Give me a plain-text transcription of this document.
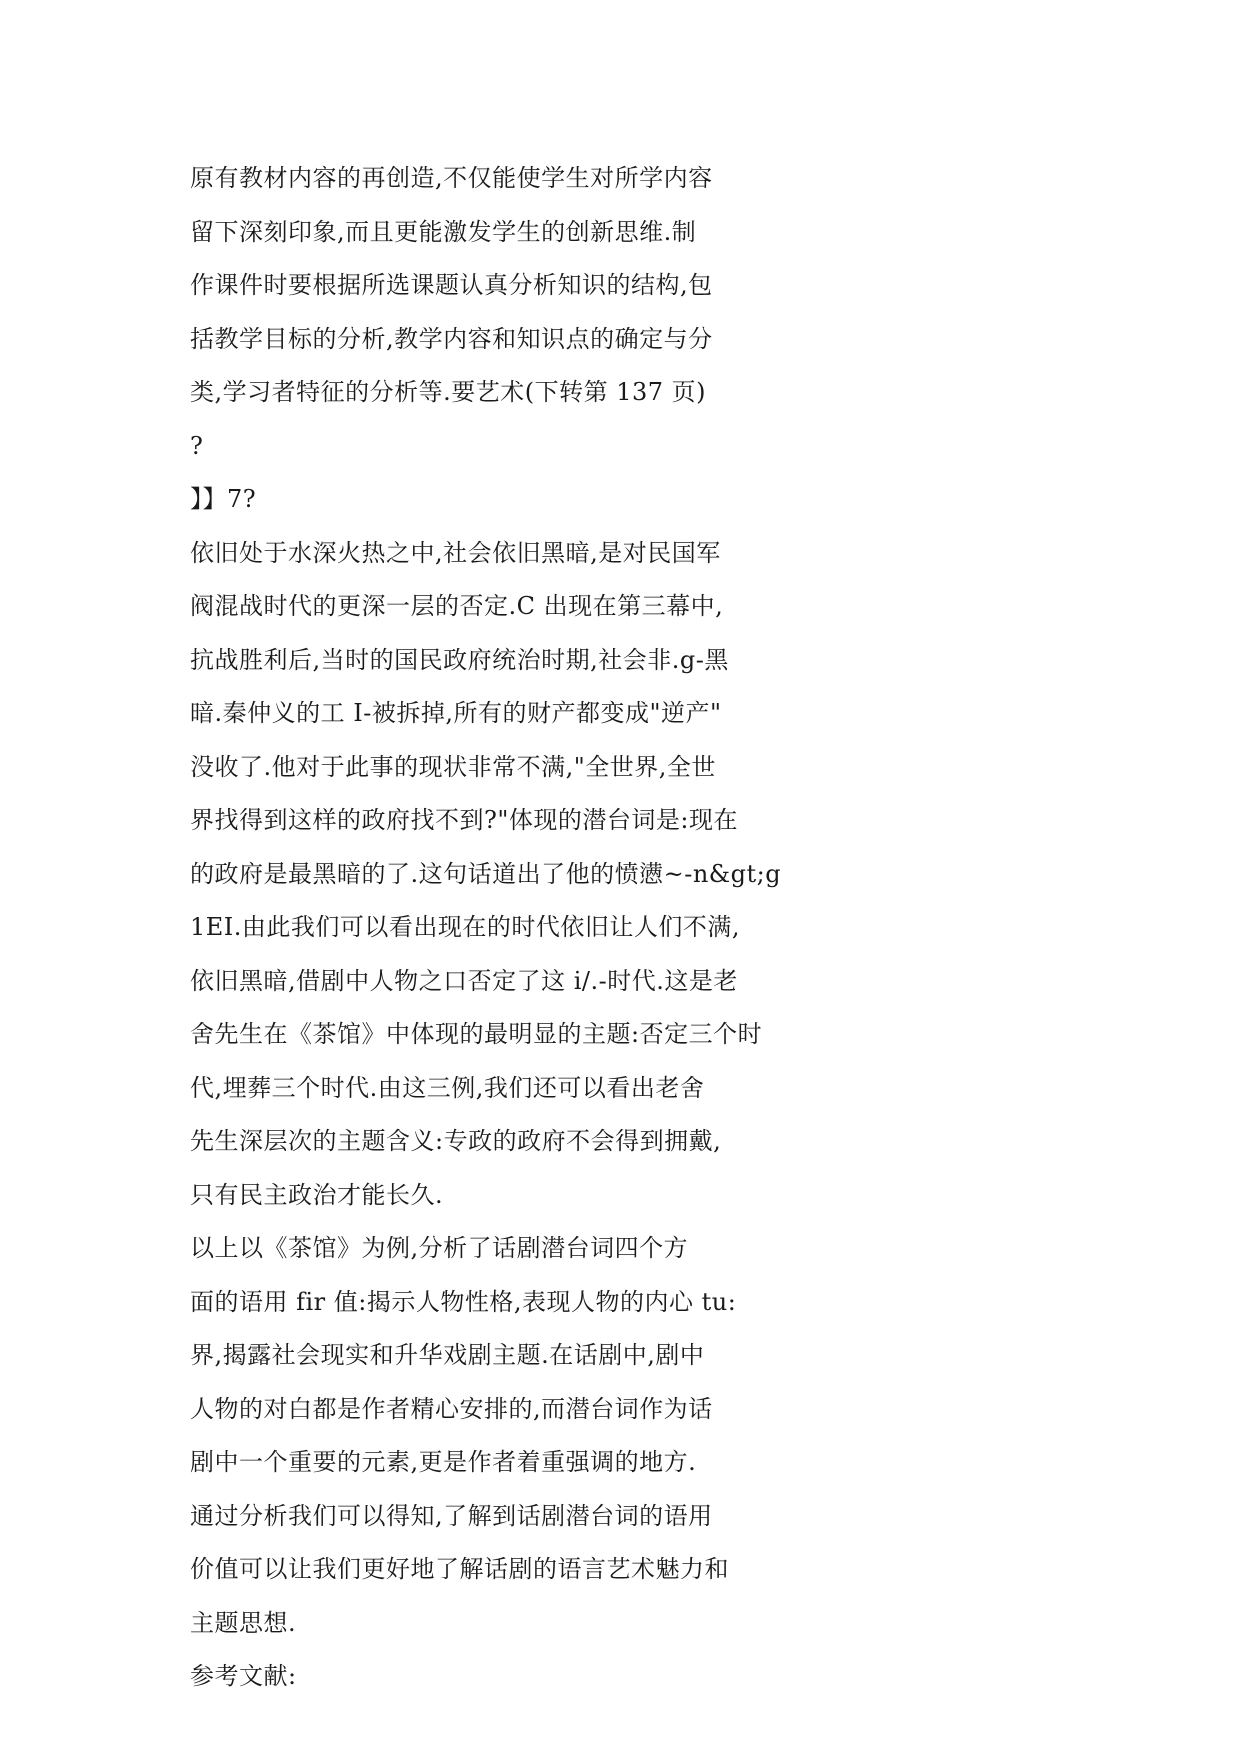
原有教材内容的再创造,不仅能使学生对所学内容
留下深刻印象,而且更能激发学生的创新思维.制
作课件时要根据所选课题认真分析知识的结构,包
括教学目标的分析,教学内容和知识点的确定与分
类,学习者特征的分析等.要艺术(下转第 137 页)
?
】】7?
依旧处于水深火热之中,社会依旧黑暗,是对民国军
阀混战时代的更深一层的否定.C 出现在第三幕中,
抗战胜利后,当时的国民政府统治时期,社会非.g-黑
暗.秦仲义的工 I-被拆掉,所有的财产都变成"逆产"
没收了.他对于此事的现状非常不满,"全世界,全世
界找得到这样的政府找不到?"体现的潜台词是:现在
的政府是最黑暗的了.这句话道出了他的愤懑~-n&gt;g
1EI.由此我们可以看出现在的时代依旧让人们不满,
依旧黑暗,借剧中人物之口否定了这 i/.-时代.这是老
舍先生在《茶馆》中体现的最明显的主题:否定三个时
代,埋葬三个时代.由这三例,我们还可以看出老舍
先生深层次的主题含义:专政的政府不会得到拥戴,
只有民主政治才能长久.
以上以《茶馆》为例,分析了话剧潜台词四个方
面的语用 fir 值:揭示人物性格,表现人物的内心 tu:
界,揭露社会现实和升华戏剧主题.在话剧中,剧中
人物的对白都是作者精心安排的,而潜台词作为话
剧中一个重要的元素,更是作者着重强调的地方.
通过分析我们可以得知,了解到话剧潜台词的语用
价值可以让我们更好地了解话剧的语言艺术魅力和
主题思想.
参考文献:
